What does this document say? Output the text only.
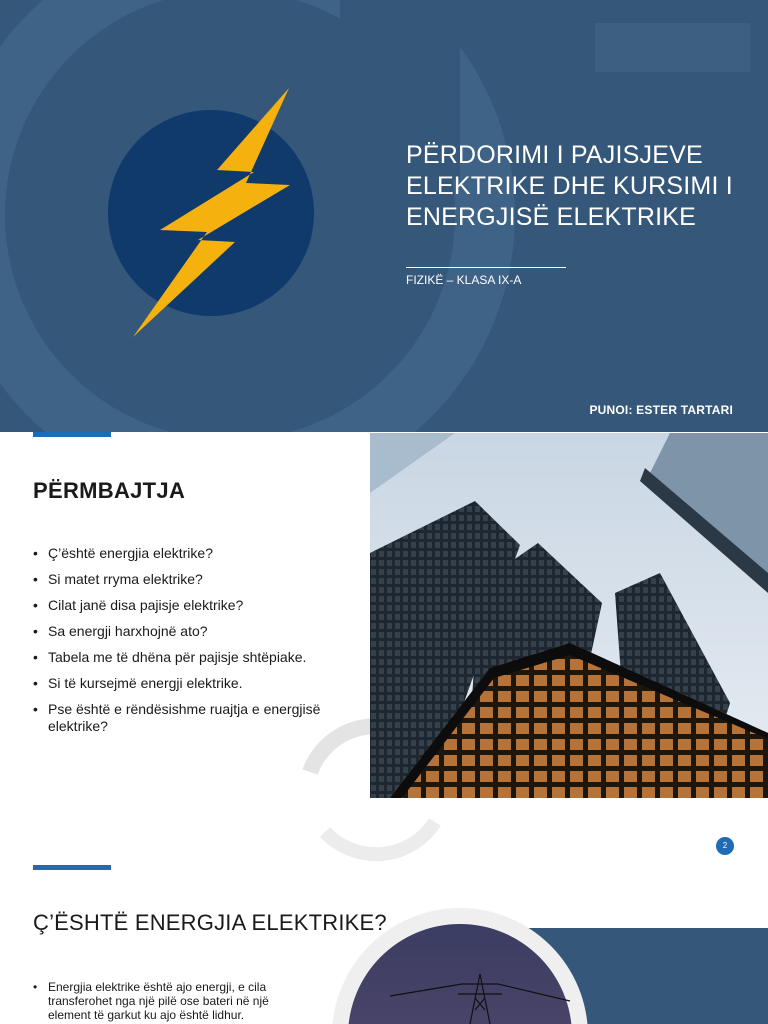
PËRDORIMI I PAJISJEVE ELEKTRIKE DHE KURSIMI I ENERGJISË ELEKTRIKE
FIZIKË – KLASA IX-A
PUNOI: ESTER TARTARI
PËRMBAJTJA
• Ç’është energjia elektrike?
• Si matet rryma elektrike?
• Cilat janë disa pajisje elektrike?
• Sa energji harxhojnë ato?
• Tabela me të dhëna për pajisje shtëpiake.
• Si të kursejmë energji elektrike.
• Pse është e rëndësishme ruajtja e energjisë elektrike?
2
Ç’ËSHTË ENERGJIA ELEKTRIKE?
• Energjia elektrike është ajo energji, e cila transferohet nga një pilë ose bateri në një element të garkut ku ajo është lidhur.
